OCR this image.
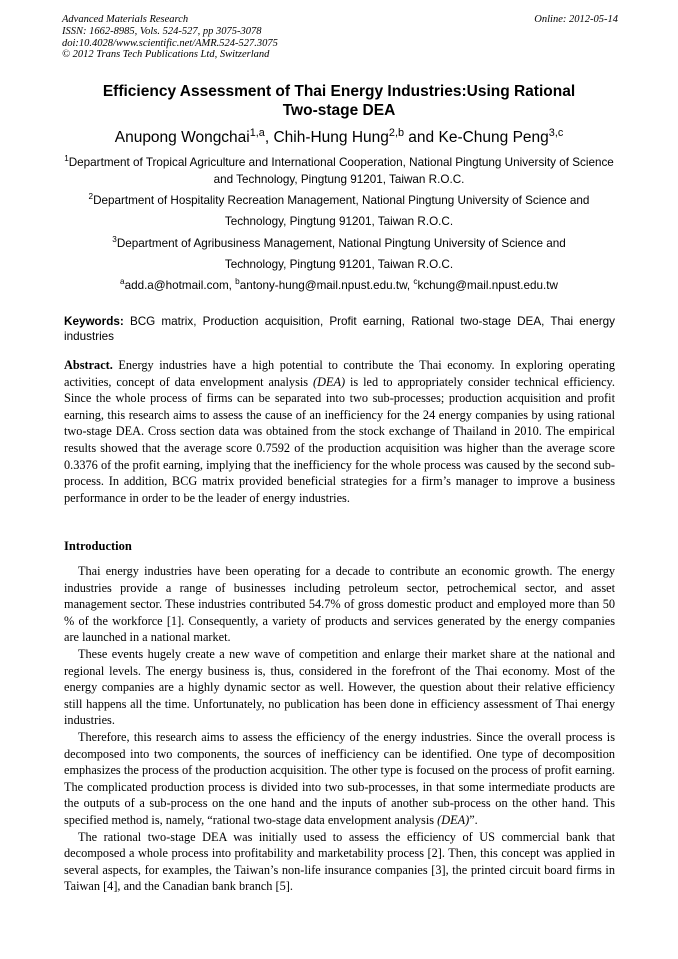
Advanced Materials Research
ISSN: 1662-8985, Vols. 524-527, pp 3075-3078
doi:10.4028/www.scientific.net/AMR.524-527.3075
© 2012 Trans Tech Publications Ltd, Switzerland
Online: 2012-05-14
Efficiency Assessment of Thai Energy Industries:Using Rational
Two-stage DEA
Anupong Wongchai$^{1,a}$, Chih-Hung Hung$^{2,b}$ and Ke-Chung Peng$^{3,c}$
$^1$Department of Tropical Agriculture and International Cooperation, National Pingtung University of Science and Technology, Pingtung 91201, Taiwan R.O.C.
$^2$Department of Hospitality Recreation Management, National Pingtung University of Science and Technology, Pingtung 91201, Taiwan R.O.C.
$^3$Department of Agribusiness Management, National Pingtung University of Science and Technology, Pingtung 91201, Taiwan R.O.C.
$^a$add.a@hotmail.com, $^b$antony-hung@mail.npust.edu.tw, $^c$kchung@mail.npust.edu.tw
Keywords: BCG matrix, Production acquisition, Profit earning, Rational two-stage DEA, Thai energy industries
Abstract. Energy industries have a high potential to contribute the Thai economy. In exploring operating activities, concept of data envelopment analysis (DEA) is led to appropriately consider technical efficiency. Since the whole process of firms can be separated into two sub-processes; production acquisition and profit earning, this research aims to assess the cause of an inefficiency for the 24 energy companies by using rational two-stage DEA. Cross section data was obtained from the stock exchange of Thailand in 2010. The empirical results showed that the average score 0.7592 of the production acquisition was higher than the average score 0.3376 of the profit earning, implying that the inefficiency for the whole process was caused by the second sub-process. In addition, BCG matrix provided beneficial strategies for a firm’s manager to improve a business performance in order to be the leader of energy industries.
Introduction

Thai energy industries have been operating for a decade to contribute an economic growth. The energy industries provide a range of businesses including petroleum sector, petrochemical sector, and asset management sector. These industries contributed 54.7% of gross domestic product and employed more than 50 % of the workforce [1]. Consequently, a variety of products and services generated by the energy companies are launched in a national market.

These events hugely create a new wave of competition and enlarge their market share at the national and regional levels. The energy business is, thus, considered in the forefront of the Thai economy. Most of the energy companies are a highly dynamic sector as well. However, the question about their relative efficiency still happens all the time. Unfortunately, no publication has been done in efficiency assessment of Thai energy industries.

Therefore, this research aims to assess the efficiency of the energy industries. Since the overall process is decomposed into two components, the sources of inefficiency can be identified. One type of decomposition emphasizes the process of the production acquisition. The other type is focused on the process of profit earning. The complicated production process is divided into two sub-processes, in that some intermediate products are the outputs of a sub-process on the one hand and the inputs of another sub-process on the other hand. This specified method is, namely, “rational two-stage data envelopment analysis (DEA)”.

The rational two-stage DEA was initially used to assess the efficiency of US commercial bank that decomposed a whole process into profitability and marketability process [2]. Then, this concept was applied in several aspects, for examples, the Taiwan’s non-life insurance companies [3], the printed circuit board firms in Taiwan [4], and the Canadian bank branch [5].
